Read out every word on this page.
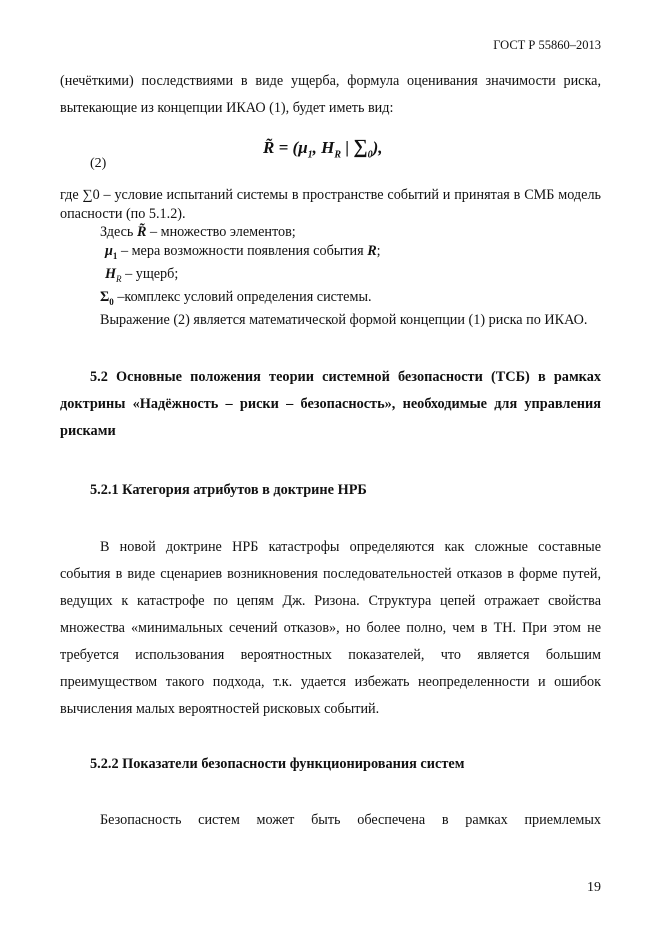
ГОСТ Р 55860–2013

(нечёткими) последствиями в виде ущерба, формула оценивания значимости риска, вытекающие из концепции ИКАО (1), будет иметь вид:

(2)
R̃ = ($\mu_1$, $H_R$ | $\sum_0$),

где ∑0 – условие испытаний системы в пространстве событий и принятая в СМБ модель опасности (по 5.1.2).

Здесь R̃ – множество элементов;

$\mu_1$ – мера возможности появления события R;

$H_R$ – ущерб;

$\Sigma_0$ –комплекс условий определения системы.

Выражение (2) является математической формой концепции (1) риска по ИКАО.

5.2 Основные положения теории системной безопасности (ТСБ) в рамках доктрины «Надёжность – риски – безопасность», необходимые для управления рисками
5.2.1 Категория атрибутов в доктрине НРБ

В новой доктрине НРБ катастрофы определяются как сложные составные события в виде сценариев возникновения последовательностей отказов в форме путей, ведущих к катастрофе по цепям Дж. Ризона. Структура цепей отражает свойства множества «минимальных сечений отказов», но более полно, чем в ТН. При этом не требуется использования вероятностных показателей, что является большим преимуществом такого подхода, т.к. удается избежать неопределенности и ошибок вычисления малых вероятностей рисковых событий.

5.2.2 Показатели безопасности функционирования систем

Безопасность систем может быть обеспечена в рамках приемлемых

19
